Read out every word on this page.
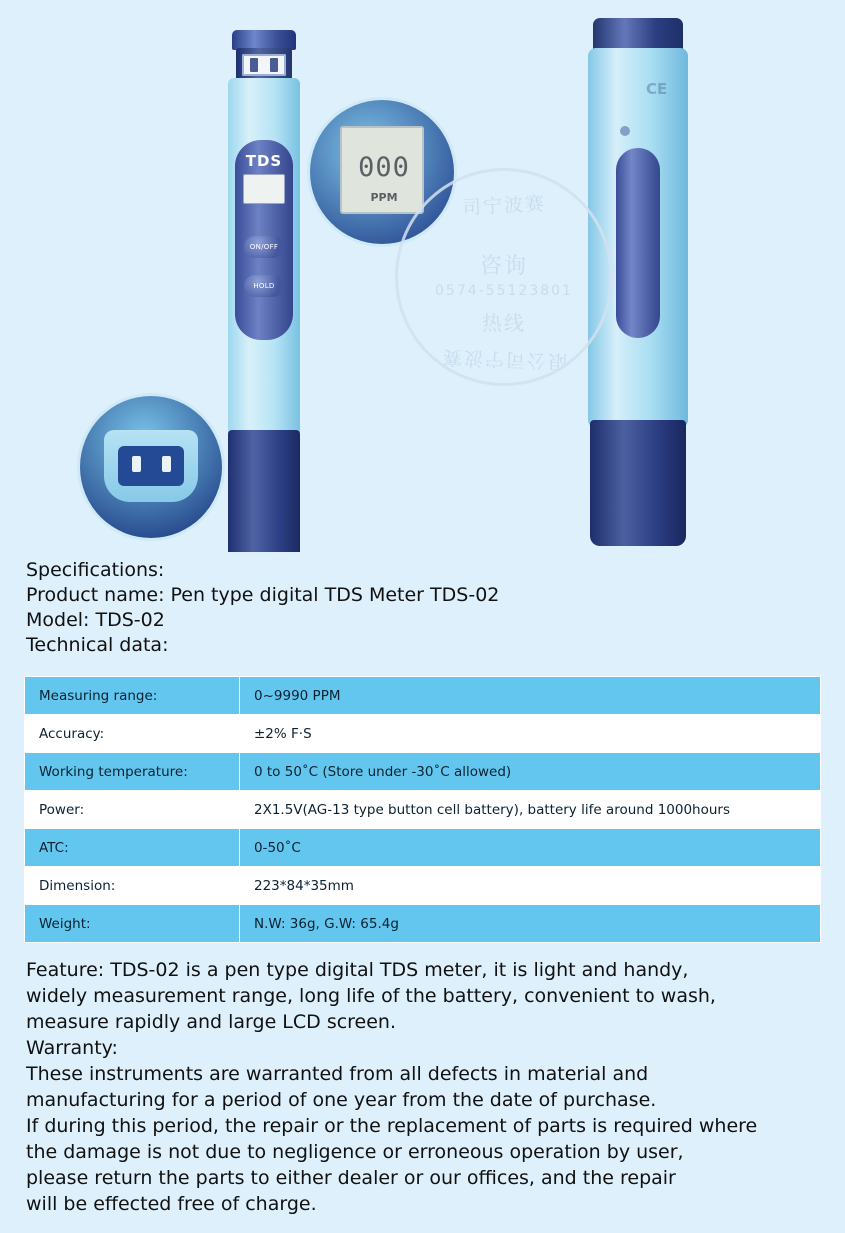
TDS
ON/OFF
HOLD
CE
000
PPM	司宁波赛
咨询
0574-55123801
热线
限公司宁波赛
Specifications:
Product name: Pen type digital TDS Meter TDS-02
Model: TDS-02
Technical data:
Measuring range:	0~9990 PPM
Accuracy:	±2% F·S
Working temperature:	0 to 50˚C (Store under -30˚C allowed)
Power:	2X1.5V(AG-13 type button cell battery), battery life around 1000hours
ATC:	0-50˚C
Dimension:	223*84*35mm
Weight:	N.W: 36g, G.W: 65.4g

Feature: TDS-02 is a pen type digital TDS meter, it is light and handy,

widely measurement range, long life of the battery, convenient to wash,

measure rapidly and large LCD screen.

Warranty:

These instruments are warranted from all defects in material and

manufacturing for a period of one year from the date of purchase.

If during this period, the repair or the replacement of parts is required where

the damage is not due to negligence or erroneous operation by user,

please return the parts to either dealer or our offices, and the repair

will be effected free of charge.
